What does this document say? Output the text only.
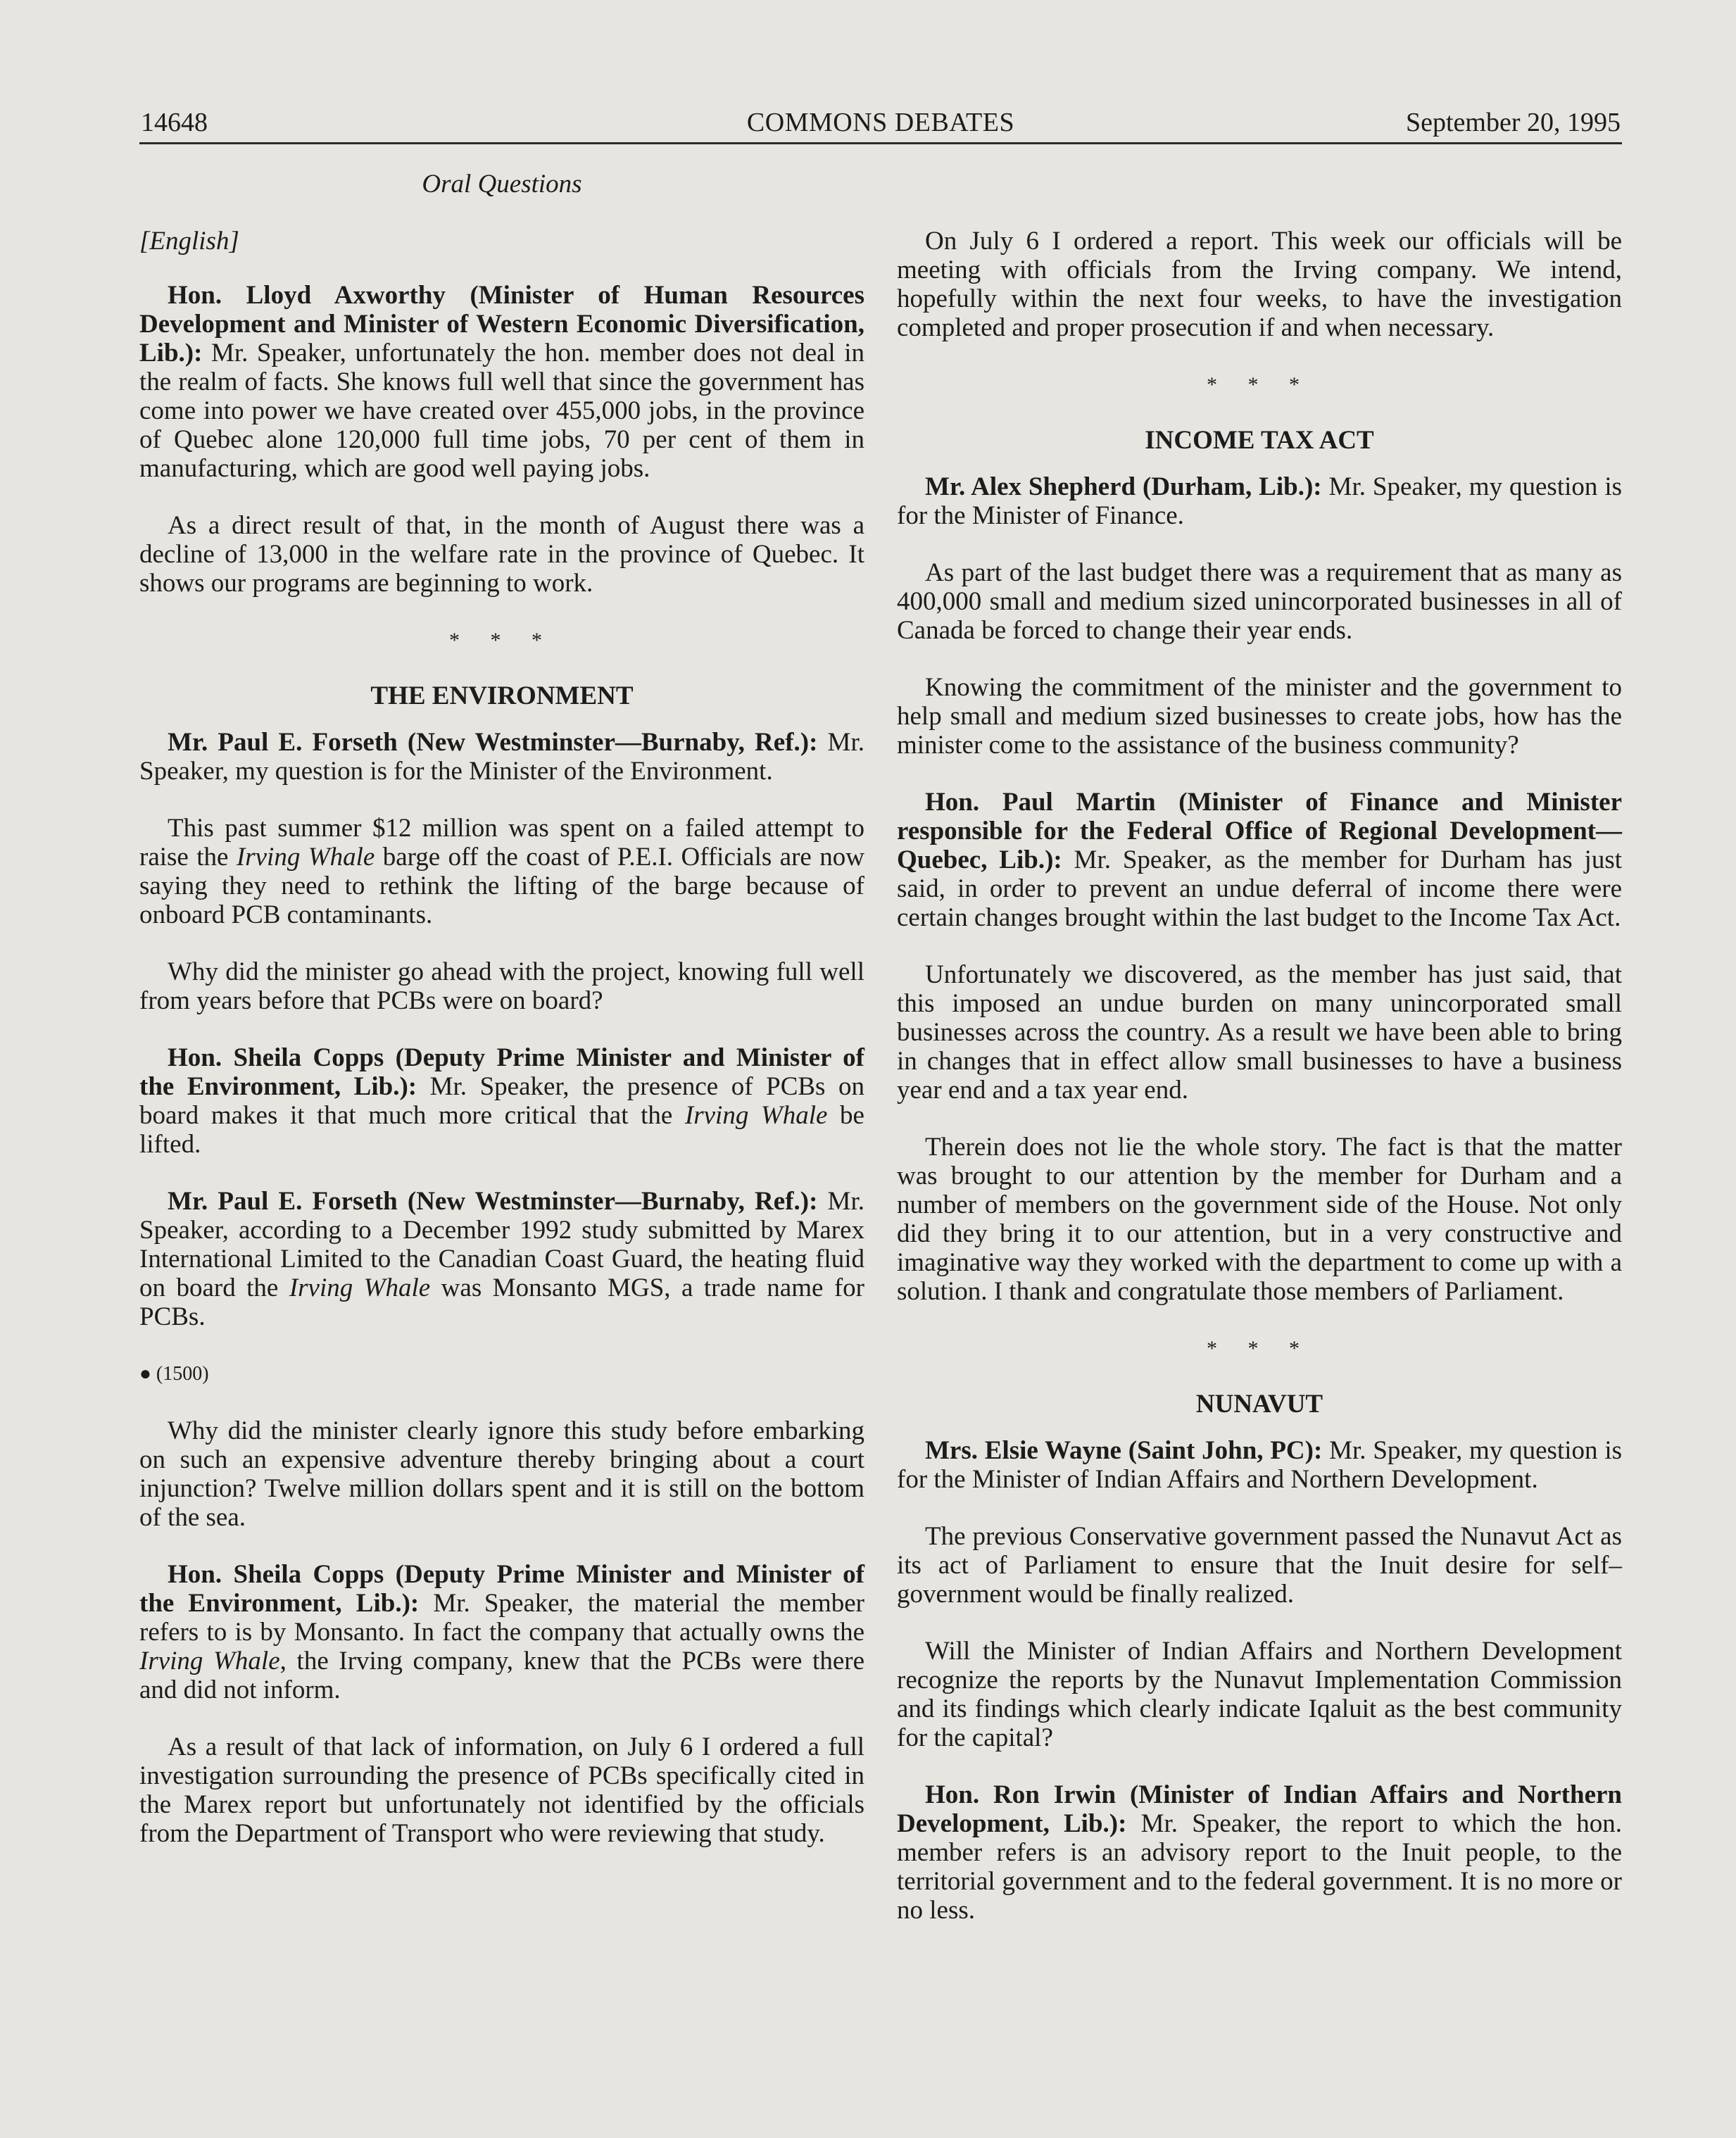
14648	COMMONS DEBATES	September 20, 1995
Oral Questions
[English]

Hon. Lloyd Axworthy (Minister of Human Resources Development and Minister of Western Economic Diversification, Lib.): Mr. Speaker, unfortunately the hon. member does not deal in the realm of facts. She knows full well that since the government has come into power we have created over 455,000 jobs, in the province of Quebec alone 120,000 full time jobs, 70 per cent of them in manufacturing, which are good well paying jobs.

As a direct result of that, in the month of August there was a decline of 13,000 in the welfare rate in the province of Quebec. It shows our programs are beginning to work.

* * *
THE ENVIRONMENT

Mr. Paul E. Forseth (New Westminster—Burnaby, Ref.): Mr. Speaker, my question is for the Minister of the Environment.

This past summer $12 million was spent on a failed attempt to raise the Irving Whale barge off the coast of P.E.I. Officials are now saying they need to rethink the lifting of the barge because of onboard PCB contaminants.

Why did the minister go ahead with the project, knowing full well from years before that PCBs were on board?

Hon. Sheila Copps (Deputy Prime Minister and Minister of the Environment, Lib.): Mr. Speaker, the presence of PCBs on board makes it that much more critical that the Irving Whale be lifted.

Mr. Paul E. Forseth (New Westminster—Burnaby, Ref.): Mr. Speaker, according to a December 1992 study submitted by Marex International Limited to the Canadian Coast Guard, the heating fluid on board the Irving Whale was Monsanto MGS, a trade name for PCBs.

● (1500)

Why did the minister clearly ignore this study before embarking on such an expensive adventure thereby bringing about a court injunction? Twelve million dollars spent and it is still on the bottom of the sea.

Hon. Sheila Copps (Deputy Prime Minister and Minister of the Environment, Lib.): Mr. Speaker, the material the member refers to is by Monsanto. In fact the company that actually owns the Irving Whale, the Irving company, knew that the PCBs were there and did not inform.

As a result of that lack of information, on July 6 I ordered a full investigation surrounding the presence of PCBs specifically cited in the Marex report but unfortunately not identified by the officials from the Department of Transport who were reviewing that study.

On July 6 I ordered a report. This week our officials will be meeting with officials from the Irving company. We intend, hopefully within the next four weeks, to have the investigation completed and proper prosecution if and when necessary.

* * *
INCOME TAX ACT

Mr. Alex Shepherd (Durham, Lib.): Mr. Speaker, my question is for the Minister of Finance.

As part of the last budget there was a requirement that as many as 400,000 small and medium sized unincorporated businesses in all of Canada be forced to change their year ends.

Knowing the commitment of the minister and the government to help small and medium sized businesses to create jobs, how has the minister come to the assistance of the business community?

Hon. Paul Martin (Minister of Finance and Minister responsible for the Federal Office of Regional Development—Quebec, Lib.): Mr. Speaker, as the member for Durham has just said, in order to prevent an undue deferral of income there were certain changes brought within the last budget to the Income Tax Act.

Unfortunately we discovered, as the member has just said, that this imposed an undue burden on many unincorporated small businesses across the country. As a result we have been able to bring in changes that in effect allow small businesses to have a business year end and a tax year end.

Therein does not lie the whole story. The fact is that the matter was brought to our attention by the member for Durham and a number of members on the government side of the House. Not only did they bring it to our attention, but in a very constructive and imaginative way they worked with the department to come up with a solution. I thank and congratulate those members of Parliament.

* * *
NUNAVUT

Mrs. Elsie Wayne (Saint John, PC): Mr. Speaker, my question is for the Minister of Indian Affairs and Northern Development.

The previous Conservative government passed the Nunavut Act as its act of Parliament to ensure that the Inuit desire for self–government would be finally realized.

Will the Minister of Indian Affairs and Northern Development recognize the reports by the Nunavut Implementation Commission and its findings which clearly indicate Iqaluit as the best community for the capital?

Hon. Ron Irwin (Minister of Indian Affairs and Northern Development, Lib.): Mr. Speaker, the report to which the hon. member refers is an advisory report to the Inuit people, to the territorial government and to the federal government. It is no more or no less.
